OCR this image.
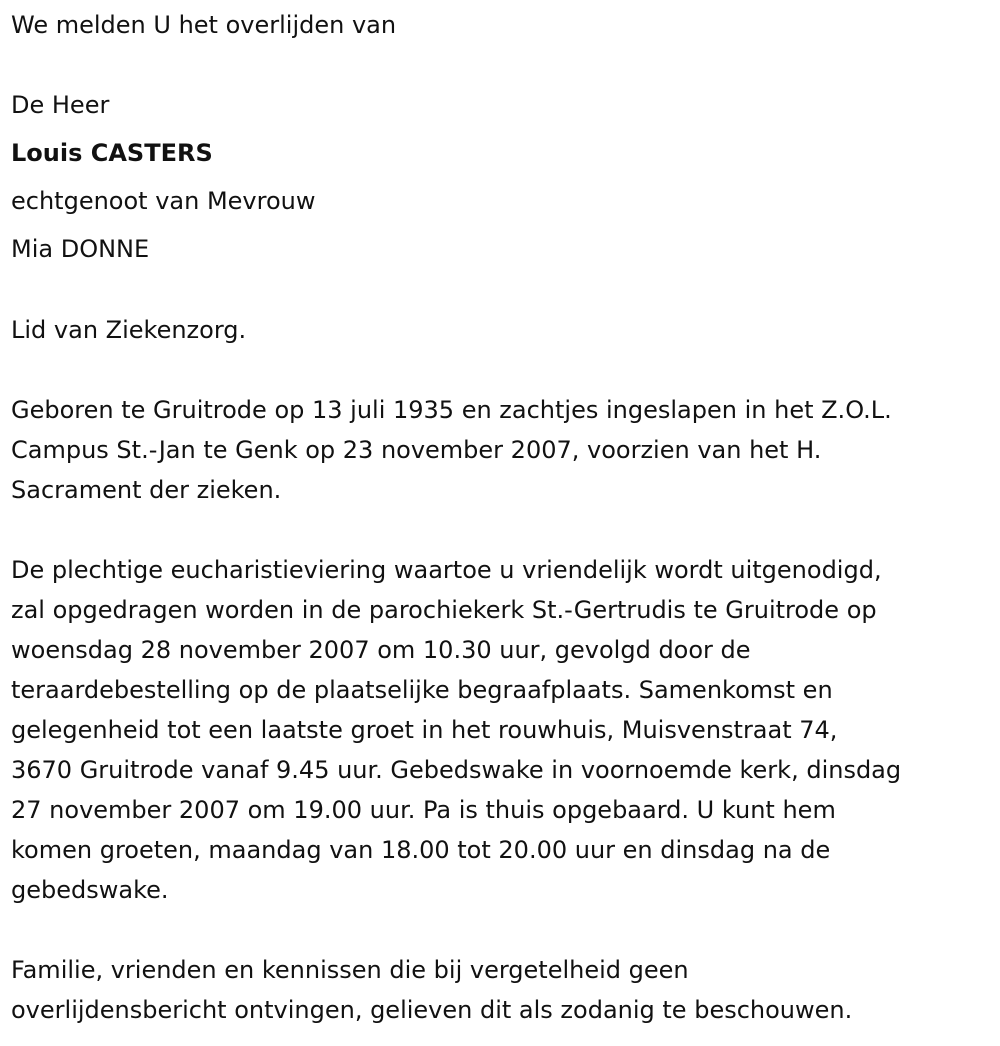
We melden U het overlijden van

De Heer

Louis CASTERS

echtgenoot van Mevrouw

Mia DONNE

Lid van Ziekenzorg.

Geboren te Gruitrode op 13 juli 1935 en zachtjes ingeslapen in het Z.O.L.
Campus St.-Jan te Genk op 23 november 2007, voorzien van het H.
Sacrament der zieken.
De plechtige eucharistieviering waartoe u vriendelijk wordt uitgenodigd,
zal opgedragen worden in de parochiekerk St.-Gertrudis te Gruitrode op
woensdag 28 november 2007 om 10.30 uur, gevolgd door de
teraardebestelling op de plaatselijke begraafplaats. Samenkomst en
gelegenheid tot een laatste groet in het rouwhuis, Muisvenstraat 74,
3670 Gruitrode vanaf 9.45 uur. Gebedswake in voornoemde kerk, dinsdag
27 november 2007 om 19.00 uur. Pa is thuis opgebaard. U kunt hem
komen groeten, maandag van 18.00 tot 20.00 uur en dinsdag na de
gebedswake.
Familie, vrienden en kennissen die bij vergetelheid geen
overlijdensbericht ontvingen, gelieven dit als zodanig te beschouwen.
